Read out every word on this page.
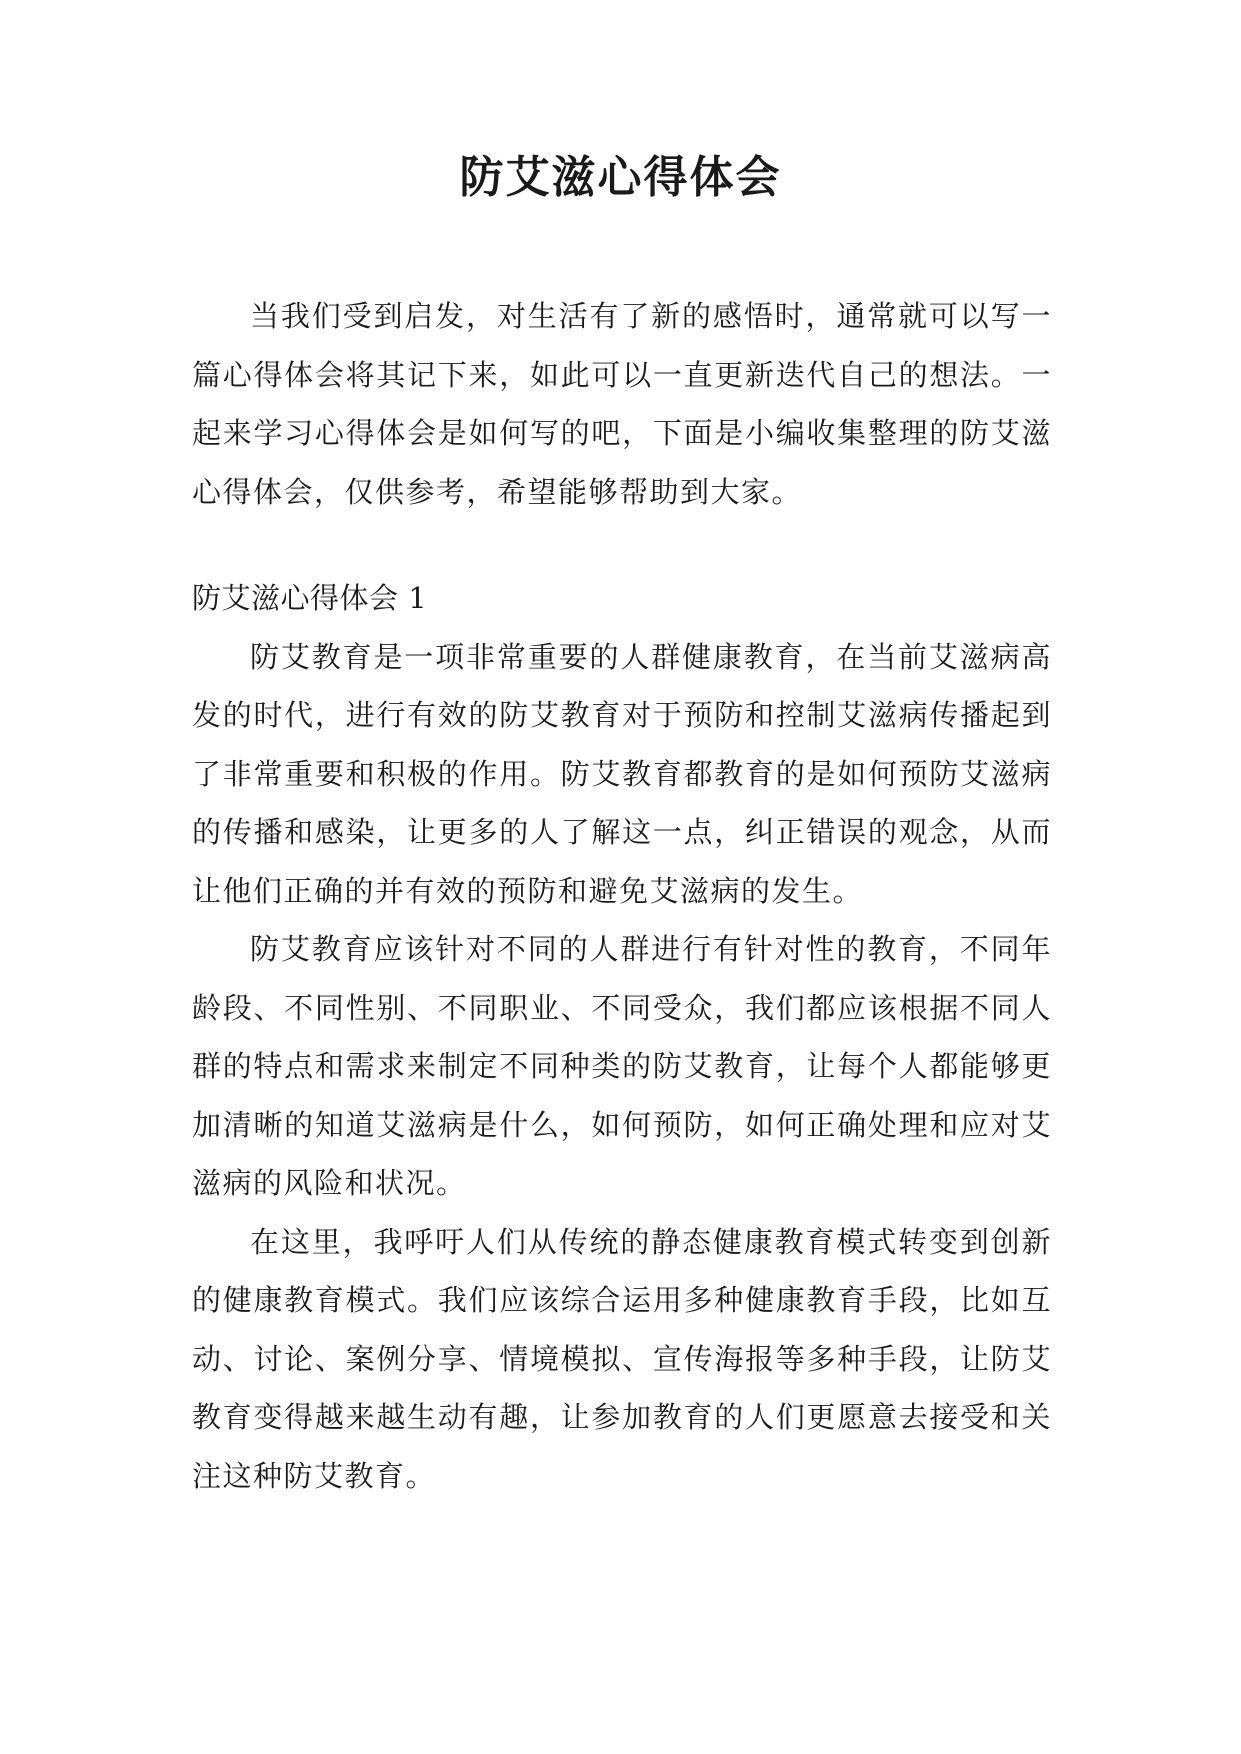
防艾滋心得体会

当我们受到启发，对生活有了新的感悟时，通常就可以写一篇心得体会将其记下来，如此可以一直更新迭代自己的想法。一起来学习心得体会是如何写的吧，下面是小编收集整理的防艾滋心得体会，仅供参考，希望能够帮助到大家。

防艾滋心得体会 1

防艾教育是一项非常重要的人群健康教育，在当前艾滋病高发的时代，进行有效的防艾教育对于预防和控制艾滋病传播起到了非常重要和积极的作用。防艾教育都教育的是如何预防艾滋病的传播和感染，让更多的人了解这一点，纠正错误的观念，从而让他们正确的并有效的预防和避免艾滋病的发生。

防艾教育应该针对不同的人群进行有针对性的教育，不同年龄段、不同性别、不同职业、不同受众，我们都应该根据不同人群的特点和需求来制定不同种类的防艾教育，让每个人都能够更加清晰的知道艾滋病是什么，如何预防，如何正确处理和应对艾滋病的风险和状况。

在这里，我呼吁人们从传统的静态健康教育模式转变到创新的健康教育模式。我们应该综合运用多种健康教育手段，比如互动、讨论、案例分享、情境模拟、宣传海报等多种手段，让防艾教育变得越来越生动有趣，让参加教育的人们更愿意去接受和关注这种防艾教育。
